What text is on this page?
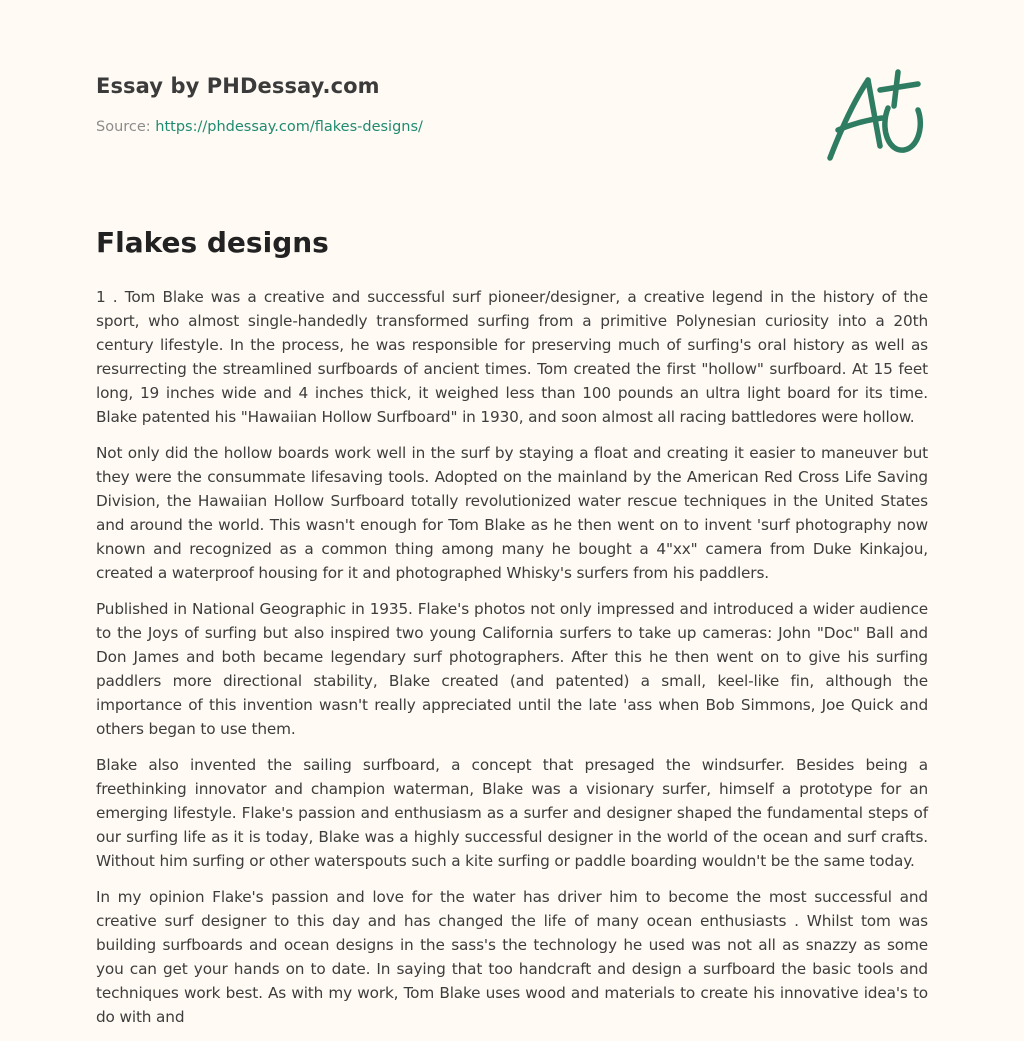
Essay by PHDessay.com
Source: https://phdessay.com/flakes-designs/
Flakes designs

1 . Tom Blake was a creative and successful surf pioneer/designer, a creative legend in the history of the sport, who almost single-handedly transformed surfing from a primitive Polynesian curiosity into a 20th century lifestyle. In the process, he was responsible for preserving much of surfing's oral history as well as resurrecting the streamlined surfboards of ancient times. Tom created the first "hollow" surfboard. At 15 feet long, 19 inches wide and 4 inches thick, it weighed less than 100 pounds an ultra light board for its time. Blake patented his "Hawaiian Hollow Surfboard" in 1930, and soon almost all racing battledores were hollow.

Not only did the hollow boards work well in the surf by staying a float and creating it easier to maneuver but they were the consummate lifesaving tools. Adopted on the mainland by the American Red Cross Life Saving Division, the Hawaiian Hollow Surfboard totally revolutionized water rescue techniques in the United States and around the world. This wasn't enough for Tom Blake as he then went on to invent 'surf photography now known and recognized as a common thing among many he bought a 4"xx" camera from Duke Kinkajou, created a waterproof housing for it and photographed Whisky's surfers from his paddlers.

Published in National Geographic in 1935. Flake's photos not only impressed and introduced a wider audience to the Joys of surfing but also inspired two young California surfers to take up cameras: John "Doc" Ball and Don James and both became legendary surf photographers. After this he then went on to give his surfing paddlers more directional stability, Blake created (and patented) a small, keel-like fin, although the importance of this invention wasn't really appreciated until the late 'ass when Bob Simmons, Joe Quick and others began to use them.

Blake also invented the sailing surfboard, a concept that presaged the windsurfer. Besides being a freethinking innovator and champion waterman, Blake was a visionary surfer, himself a prototype for an emerging lifestyle. Flake's passion and enthusiasm as a surfer and designer shaped the fundamental steps of our surfing life as it is today, Blake was a highly successful designer in the world of the ocean and surf crafts. Without him surfing or other waterspouts such a kite surfing or paddle boarding wouldn't be the same today.

In my opinion Flake's passion and love for the water has driver him to become the most successful and creative surf designer to this day and has changed the life of many ocean enthusiasts . Whilst tom was building surfboards and ocean designs in the sass's the technology he used was not all as snazzy as some you can get your hands on to date. In saying that too handcraft and design a surfboard the basic tools and techniques work best. As with my work, Tom Blake uses wood and materials to create his innovative idea's to do with and
